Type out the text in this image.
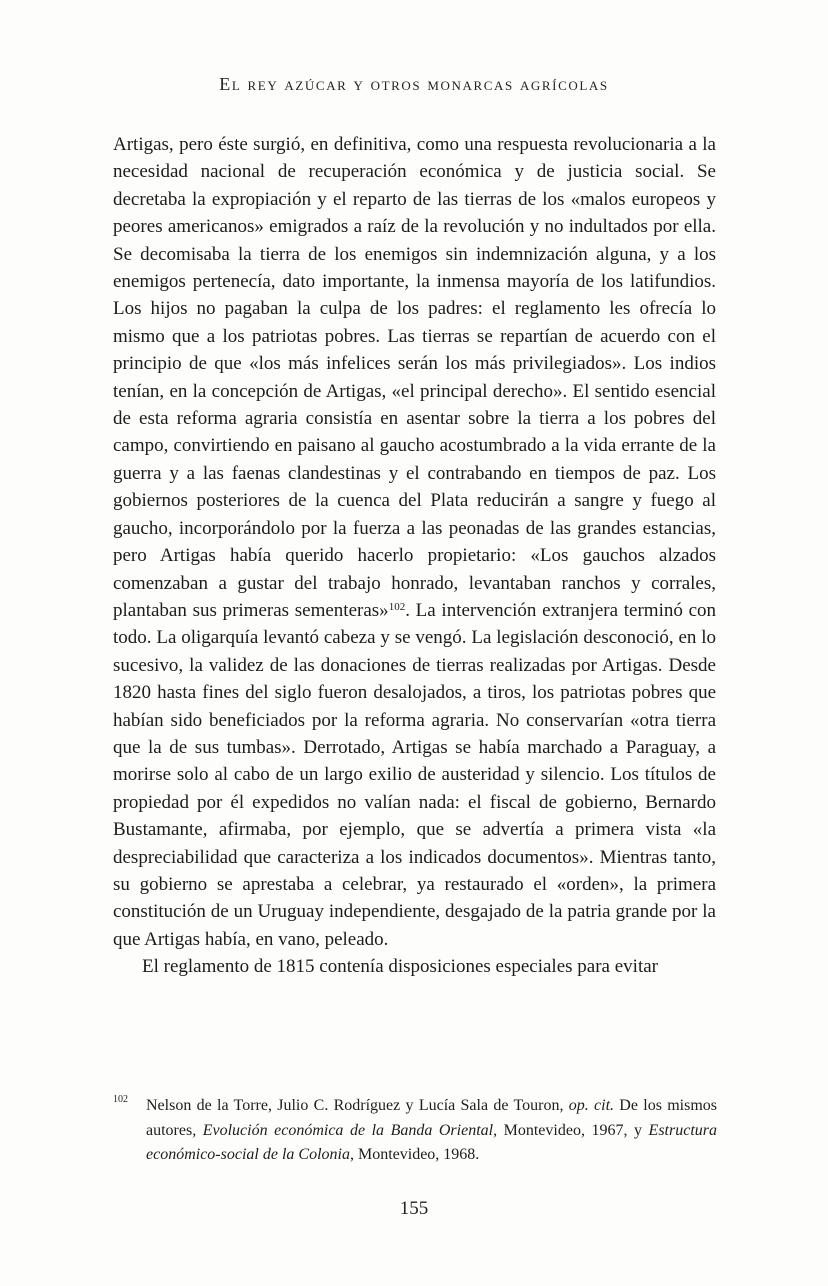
El rey azúcar y otros monarcas agrícolas

Artigas, pero éste surgió, en definitiva, como una respuesta revolucionaria a la necesidad nacional de recuperación económica y de justicia social. Se decretaba la expropiación y el reparto de las tierras de los «malos europeos y peores americanos» emigrados a raíz de la revolución y no indultados por ella. Se decomisaba la tierra de los enemigos sin indemnización alguna, y a los enemigos pertenecía, dato importante, la inmensa mayoría de los latifundios. Los hijos no pagaban la culpa de los padres: el reglamento les ofrecía lo mismo que a los patriotas pobres. Las tierras se repartían de acuerdo con el principio de que «los más infelices serán los más privilegiados». Los indios tenían, en la concepción de Artigas, «el principal derecho». El sentido esencial de esta reforma agraria consistía en asentar sobre la tierra a los pobres del campo, convirtiendo en paisano al gaucho acostumbrado a la vida errante de la guerra y a las faenas clandestinas y el contrabando en tiempos de paz. Los gobiernos posteriores de la cuenca del Plata reducirán a sangre y fuego al gaucho, incorporándolo por la fuerza a las peonadas de las grandes estancias, pero Artigas había querido hacerlo propietario: «Los gauchos alzados comenzaban a gustar del trabajo honrado, levantaban ranchos y corrales, plantaban sus primeras sementeras»$^{102}$. La intervención extranjera terminó con todo. La oligarquía levantó cabeza y se vengó. La legislación desconoció, en lo sucesivo, la validez de las donaciones de tierras realizadas por Artigas. Desde 1820 hasta fines del siglo fueron desalojados, a tiros, los patriotas pobres que habían sido beneficiados por la reforma agraria. No conservarían «otra tierra que la de sus tumbas». Derrotado, Artigas se había marchado a Paraguay, a morirse solo al cabo de un largo exilio de austeridad y silencio. Los títulos de propiedad por él expedidos no valían nada: el fiscal de gobierno, Bernardo Bustamante, afirmaba, por ejemplo, que se advertía a primera vista «la despreciabilidad que caracteriza a los indicados documentos». Mientras tanto, su gobierno se aprestaba a celebrar, ya restaurado el «orden», la primera constitución de un Uruguay independiente, desgajado de la patria grande por la que Artigas había, en vano, peleado.

El reglamento de 1815 contenía disposiciones especiales para evitar

102 Nelson de la Torre, Julio C. Rodríguez y Lucía Sala de Touron, op. cit. De los mismos autores, Evolución económica de la Banda Oriental, Montevideo, 1967, y Estructura económico-social de la Colonia, Montevideo, 1968.
155
